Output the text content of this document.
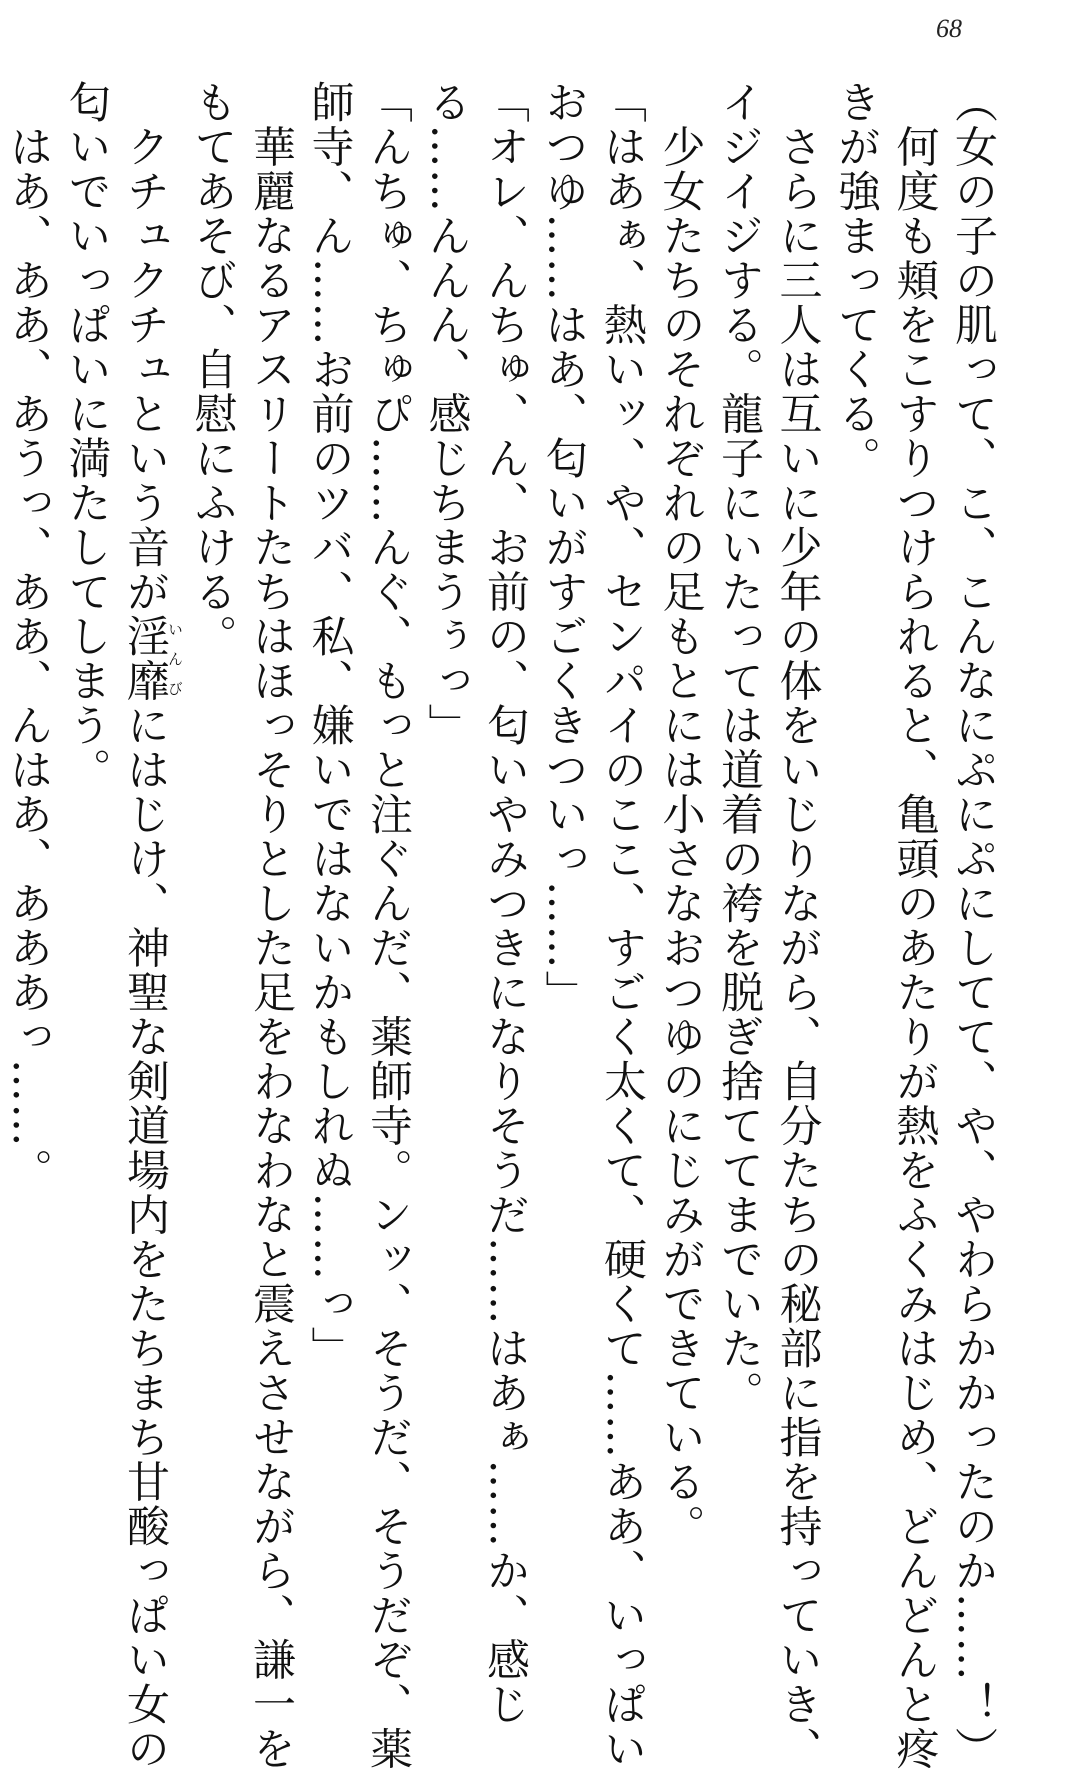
68
（女の子の肌って、こ、こんなにぷにぷにしてて、や、やわらかかったのか……！）
　何度も頬をこすりつけられると、亀頭のあたりが熱をふくみはじめ、どんどんと疼
きが強まってくる。
　さらに三人は互いに少年の体をいじりながら、自分たちの秘部に指を持っていき、
イジイジする。龍子にいたっては道着の袴を脱ぎ捨ててまでいた。
　少女たちのそれぞれの足もとには小さなおつゆのにじみができている。
「はあぁ、熱いッ、や、センパイのここ、すごく太くて、硬くて……ああ、いっぱい
おつゆ……はあ、匂いがすごくきついっ……」
「オレ、んちゅ、ん、お前の、匂いやみつきになりそうだ……はあぁ……か、感じ
る……んんん、感じちまうぅっ」
「んちゅ、ちゅぴ……んぐ、もっと注ぐんだ、薬師寺。ンッ、そうだ、そうだぞ、薬
師寺、ん……お前のツバ、私、嫌いではないかもしれぬ……っ」
　華麗なるアスリートたちはほっそりとした足をわなわなと震えさせながら、謙一を
もてあそび、自慰にふける。
　クチュクチュという音が淫靡いんびにはじけ、神聖な剣道場内をたちまち甘酸っぱい女の
匂いでいっぱいに満たしてしまう。
　はあ、ああ、あうっ、ああ、んはあ、あああっ……。
